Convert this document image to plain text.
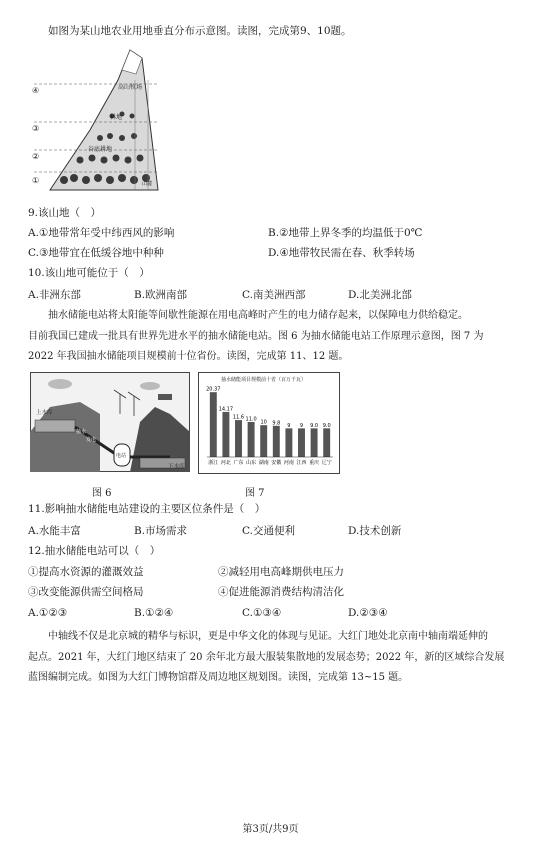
如图为某山地农业用地垂直分布示意图。读图，完成第9、10题。
④
③
②
①
高山牧场
林地
谷底耕地
山麓
9.该山地（　）
A.①地带常年受中纬西风的影响	B.②地带上界冬季的均温低于0℃
C.③地带宜在低缓谷地中种种	D.④地带牧民需在春、秋季转场
10.该山地可能位于（　）
A.非洲东部	B.欧洲南部	C.南美洲西部	D.北美洲北部
抽水储能电站将太阳能等间歇性能源在用电高峰时产生的电力储存起来，以保障电力供给稳定。
目前我国已建成一批具有世界先进水平的抽水储能电站。图 6 为抽水储能电站工作原理示意图，图 7 为
2022 年我国抽水储能项目规模前十位省份。读图，完成第 11、12 题。
上水库
抽水
发电
下水库
电站
图 6
抽水储能项目规模前十省（百万千瓦）
20.37
浙江
14.17
河北
11.6
广东
11.0
山东
10
湖南
9.8
安徽
9
河南
9
江西
9.0
重庆
9.0
辽宁
图 7
11.影响抽水储能电站建设的主要区位条件是（　）
A.水能丰富	B.市场需求	C.交通便利	D.技术创新
12.抽水储能电站可以（　）
①提高水资源的灌溉效益	②减轻用电高峰期供电压力
③改变能源供需空间格局	④促进能源消费结构清洁化
A.①②③	B.①②④	C.①③④	D.②③④
中轴线不仅是北京城的精华与标识，更是中华文化的体现与见证。大红门地处北京南中轴南端延伸的
起点。2021 年，大红门地区结束了 20 余年北方最大服装集散地的发展态势；2022 年，新的区域综合发展
蓝图编制完成。如图为大红门博物馆群及周边地区规划图。读图，完成第 13~15 题。
第3页/共9页
